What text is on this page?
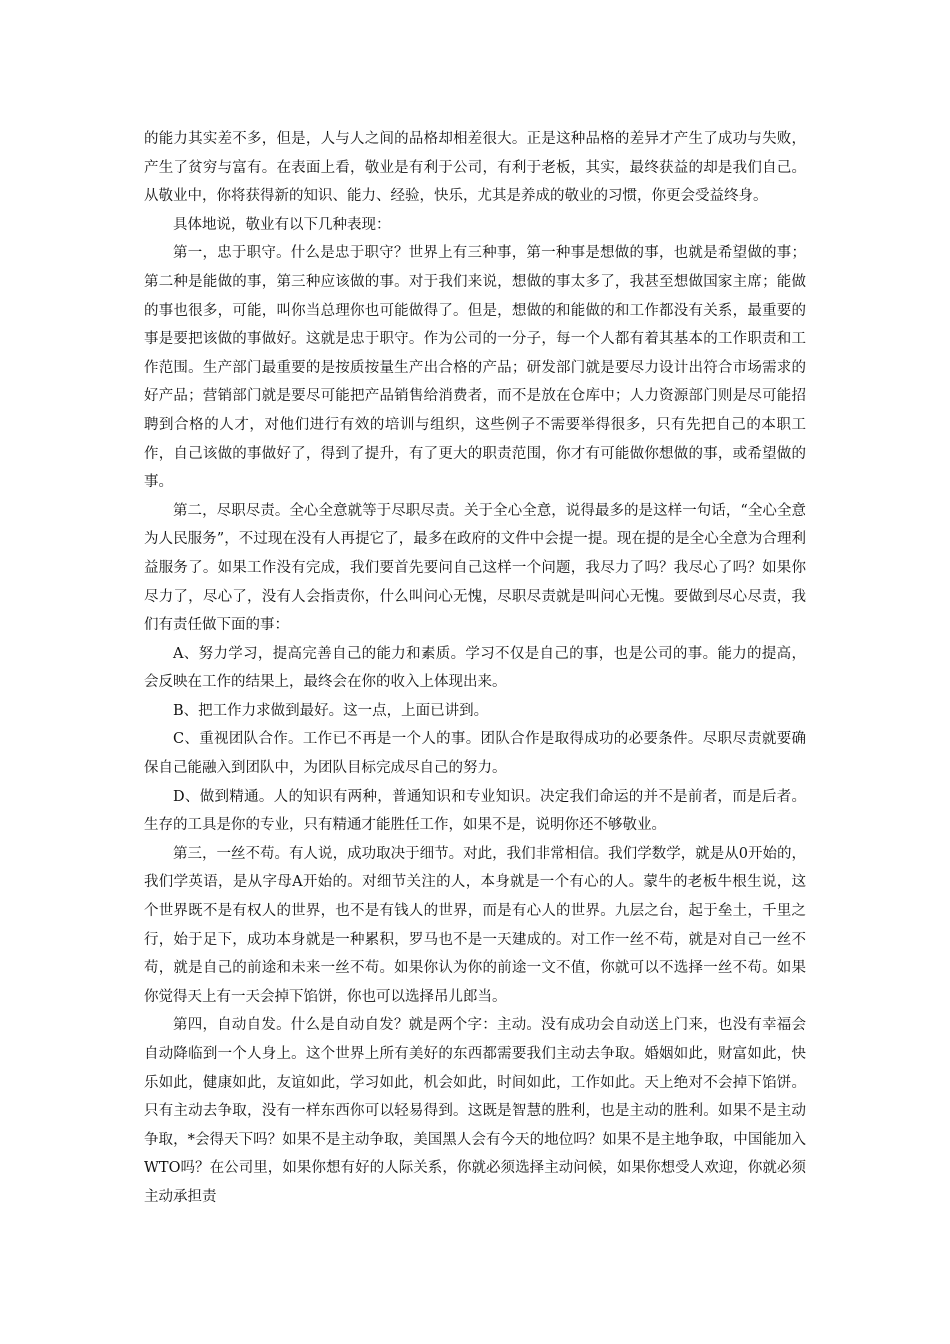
的能力其实差不多，但是，人与人之间的品格却相差很大。正是这种品格的差异才产生了成功与失败，产生了贫穷与富有。在表面上看，敬业是有利于公司，有利于老板，其实，最终获益的却是我们自己。从敬业中，你将获得新的知识、能力、经验，快乐，尤其是养成的敬业的习惯，你更会受益终身。

具体地说，敬业有以下几种表现：

第一，忠于职守。什么是忠于职守？世界上有三种事，第一种事是想做的事，也就是希望做的事；第二种是能做的事，第三种应该做的事。对于我们来说，想做的事太多了，我甚至想做国家主席；能做的事也很多，可能，叫你当总理你也可能做得了。但是，想做的和能做的和工作都没有关系，最重要的事是要把该做的事做好。这就是忠于职守。作为公司的一分子，每一个人都有着其基本的工作职责和工作范围。生产部门最重要的是按质按量生产出合格的产品；研发部门就是要尽力设计出符合市场需求的好产品；营销部门就是要尽可能把产品销售给消费者，而不是放在仓库中；人力资源部门则是尽可能招聘到合格的人才，对他们进行有效的培训与组织，这些例子不需要举得很多，只有先把自己的本职工作，自己该做的事做好了，得到了提升，有了更大的职责范围，你才有可能做你想做的事，或希望做的事。

第二，尽职尽责。全心全意就等于尽职尽责。关于全心全意，说得最多的是这样一句话，“全心全意为人民服务”，不过现在没有人再提它了，最多在政府的文件中会提一提。现在提的是全心全意为合理利益服务了。如果工作没有完成，我们要首先要问自己这样一个问题，我尽力了吗？我尽心了吗？如果你尽力了，尽心了，没有人会指责你，什么叫问心无愧，尽职尽责就是叫问心无愧。要做到尽心尽责，我们有责任做下面的事：

A、努力学习，提高完善自己的能力和素质。学习不仅是自己的事，也是公司的事。能力的提高，会反映在工作的结果上，最终会在你的收入上体现出来。

B、把工作力求做到最好。这一点，上面已讲到。

C、重视团队合作。工作已不再是一个人的事。团队合作是取得成功的必要条件。尽职尽责就要确保自己能融入到团队中，为团队目标完成尽自己的努力。

D、做到精通。人的知识有两种，普通知识和专业知识。决定我们命运的并不是前者，而是后者。生存的工具是你的专业，只有精通才能胜任工作，如果不是，说明你还不够敬业。

第三，一丝不苟。有人说，成功取决于细节。对此，我们非常相信。我们学数学，就是从0开始的，我们学英语，是从字母A开始的。对细节关注的人，本身就是一个有心的人。蒙牛的老板牛根生说，这个世界既不是有权人的世界，也不是有钱人的世界，而是有心人的世界。九层之台，起于垒土，千里之行，始于足下，成功本身就是一种累积，罗马也不是一天建成的。对工作一丝不苟，就是对自己一丝不苟，就是自己的前途和未来一丝不苟。如果你认为你的前途一文不值，你就可以不选择一丝不苟。如果你觉得天上有一天会掉下馅饼，你也可以选择吊儿郎当。

第四，自动自发。什么是自动自发？就是两个字：主动。没有成功会自动送上门来，也没有幸福会自动降临到一个人身上。这个世界上所有美好的东西都需要我们主动去争取。婚姻如此，财富如此，快乐如此，健康如此，友谊如此，学习如此，机会如此，时间如此，工作如此。天上绝对不会掉下馅饼。只有主动去争取，没有一样东西你可以轻易得到。这既是智慧的胜利，也是主动的胜利。如果不是主动争取，*会得天下吗？如果不是主动争取，美国黑人会有今天的地位吗？如果不是主地争取，中国能加入WTO吗？在公司里，如果你想有好的人际关系，你就必须选择主动问候，如果你想受人欢迎，你就必须主动承担责
